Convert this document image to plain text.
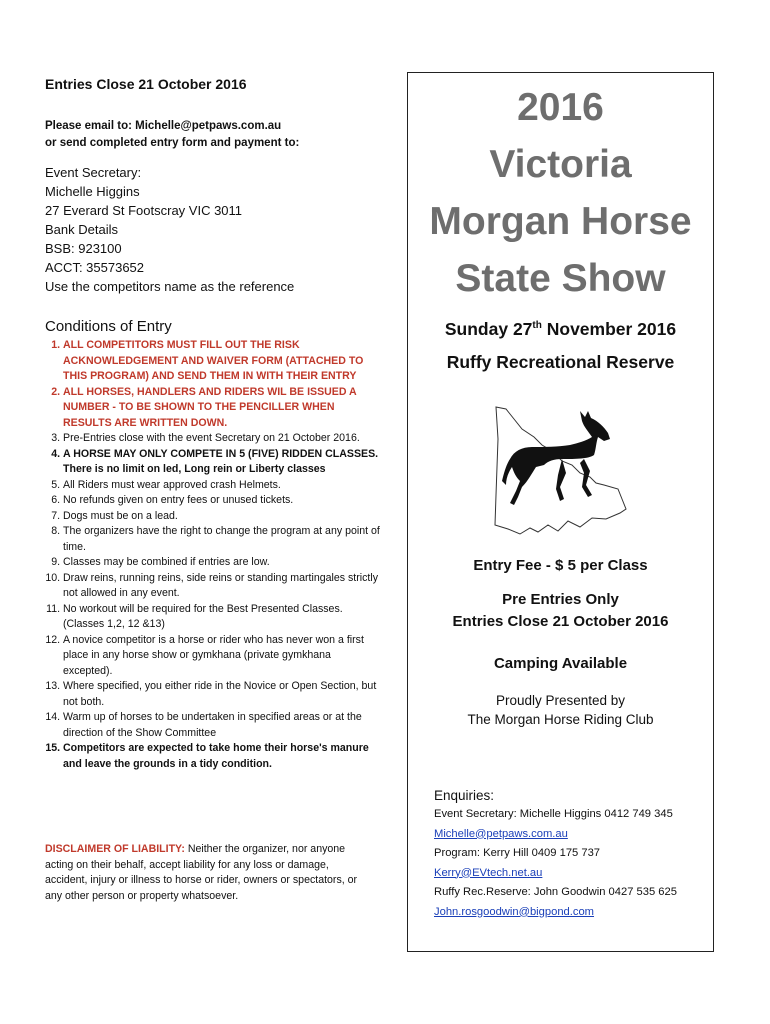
Entries Close 21 October 2016
Please email to: Michelle@petpaws.com.au
or send completed entry form and payment to:
Event Secretary:
Michelle Higgins
27 Everard St Footscray VIC 3011
Bank Details
BSB: 923100
ACCT: 35573652
Use the competitors name as the reference
Conditions of Entry
1. ALL COMPETITORS MUST FILL OUT THE RISK ACKNOWLEDGEMENT AND WAIVER FORM (ATTACHED TO THIS PROGRAM) AND SEND THEM IN WITH THEIR ENTRY
2. ALL HORSES, HANDLERS AND RIDERS WIL BE ISSUED A NUMBER - TO BE SHOWN TO THE PENCILLER WHEN RESULTS ARE WRITTEN DOWN.
3. Pre-Entries close with the event Secretary on 21 October 2016.
4. A HORSE MAY ONLY COMPETE IN 5 (FIVE) RIDDEN CLASSES. There is no limit on led, Long rein or Liberty classes
5. All Riders must wear approved crash Helmets.
6. No refunds given on entry fees or unused tickets.
7. Dogs must be on a lead.
8. The organizers have the right to change the program at any point of time.
9. Classes may be combined if entries are low.
10. Draw reins, running reins, side reins or standing martingales strictly not allowed in any event.
11. No workout will be required for the Best Presented Classes. (Classes 1,2, 12 &13)
12. A novice competitor is a horse or rider who has never won a first place in any horse show or gymkhana (private gymkhana excepted).
13. Where specified, you either ride in the Novice or Open Section, but not both.
14. Warm up of horses to be undertaken in specified areas or at the direction of the Show Committee
15. Competitors are expected to take home their horse's manure and leave the grounds in a tidy condition.
DISCLAIMER OF LIABILITY: Neither the organizer, nor anyone acting on their behalf, accept liability for any loss or damage, accident, injury or illness to horse or rider, owners or spectators, or any other person or property whatsoever.
2016
Victoria
Morgan Horse
State Show
Sunday 27th November 2016
Ruffy Recreational Reserve
Entry Fee - $ 5 per Class
Pre Entries Only
Entries Close 21 October 2016
Camping Available
Proudly Presented by
The Morgan Horse Riding Club
Enquiries:
Event Secretary: Michelle Higgins 0412 749 345
Michelle@petpaws.com.au
Program: Kerry Hill 0409 175 737
Kerry@EVtech.net.au
Ruffy Rec.Reserve: John Goodwin 0427 535 625
John.rosgoodwin@bigpond.com
